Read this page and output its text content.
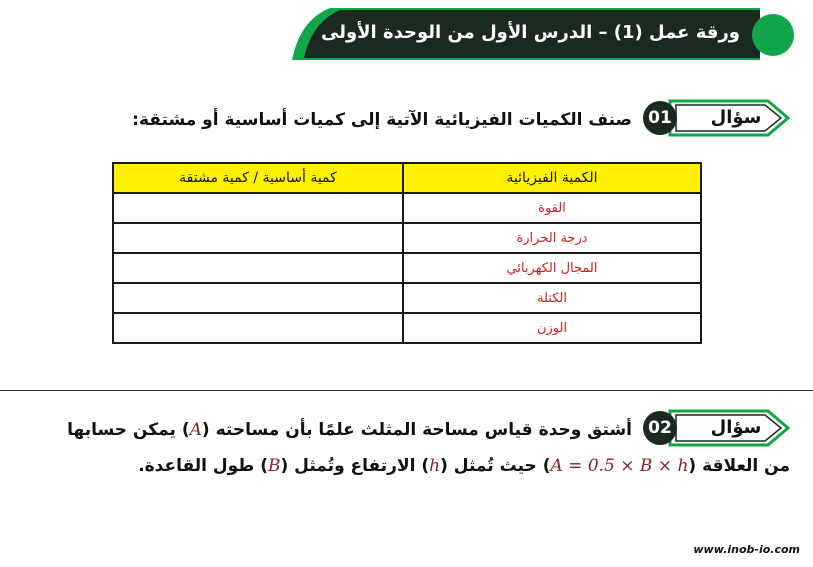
ورقة عمل (1) – الدرس الأول من الوحدة الأولى
سؤال
01
صنف الكميات الفيزيائية الآتية إلى كميات أساسية أو مشتقة:
الكمية الفيزيائية	كمية أساسية / كمية مشتقة
القوة	
درجة الحرارة	
المجال الكهربائي	
الكتلة	
الوزن	
سؤال
02
أشتق وحدة قياس مساحة المثلث علمًا بأن مساحته (A) يمكن حسابها
من العلاقة (A = 0.5 × B × h) حيث تُمثل (h) الارتفاع وتُمثل (B) طول القاعدة.
www.inob-io.com
